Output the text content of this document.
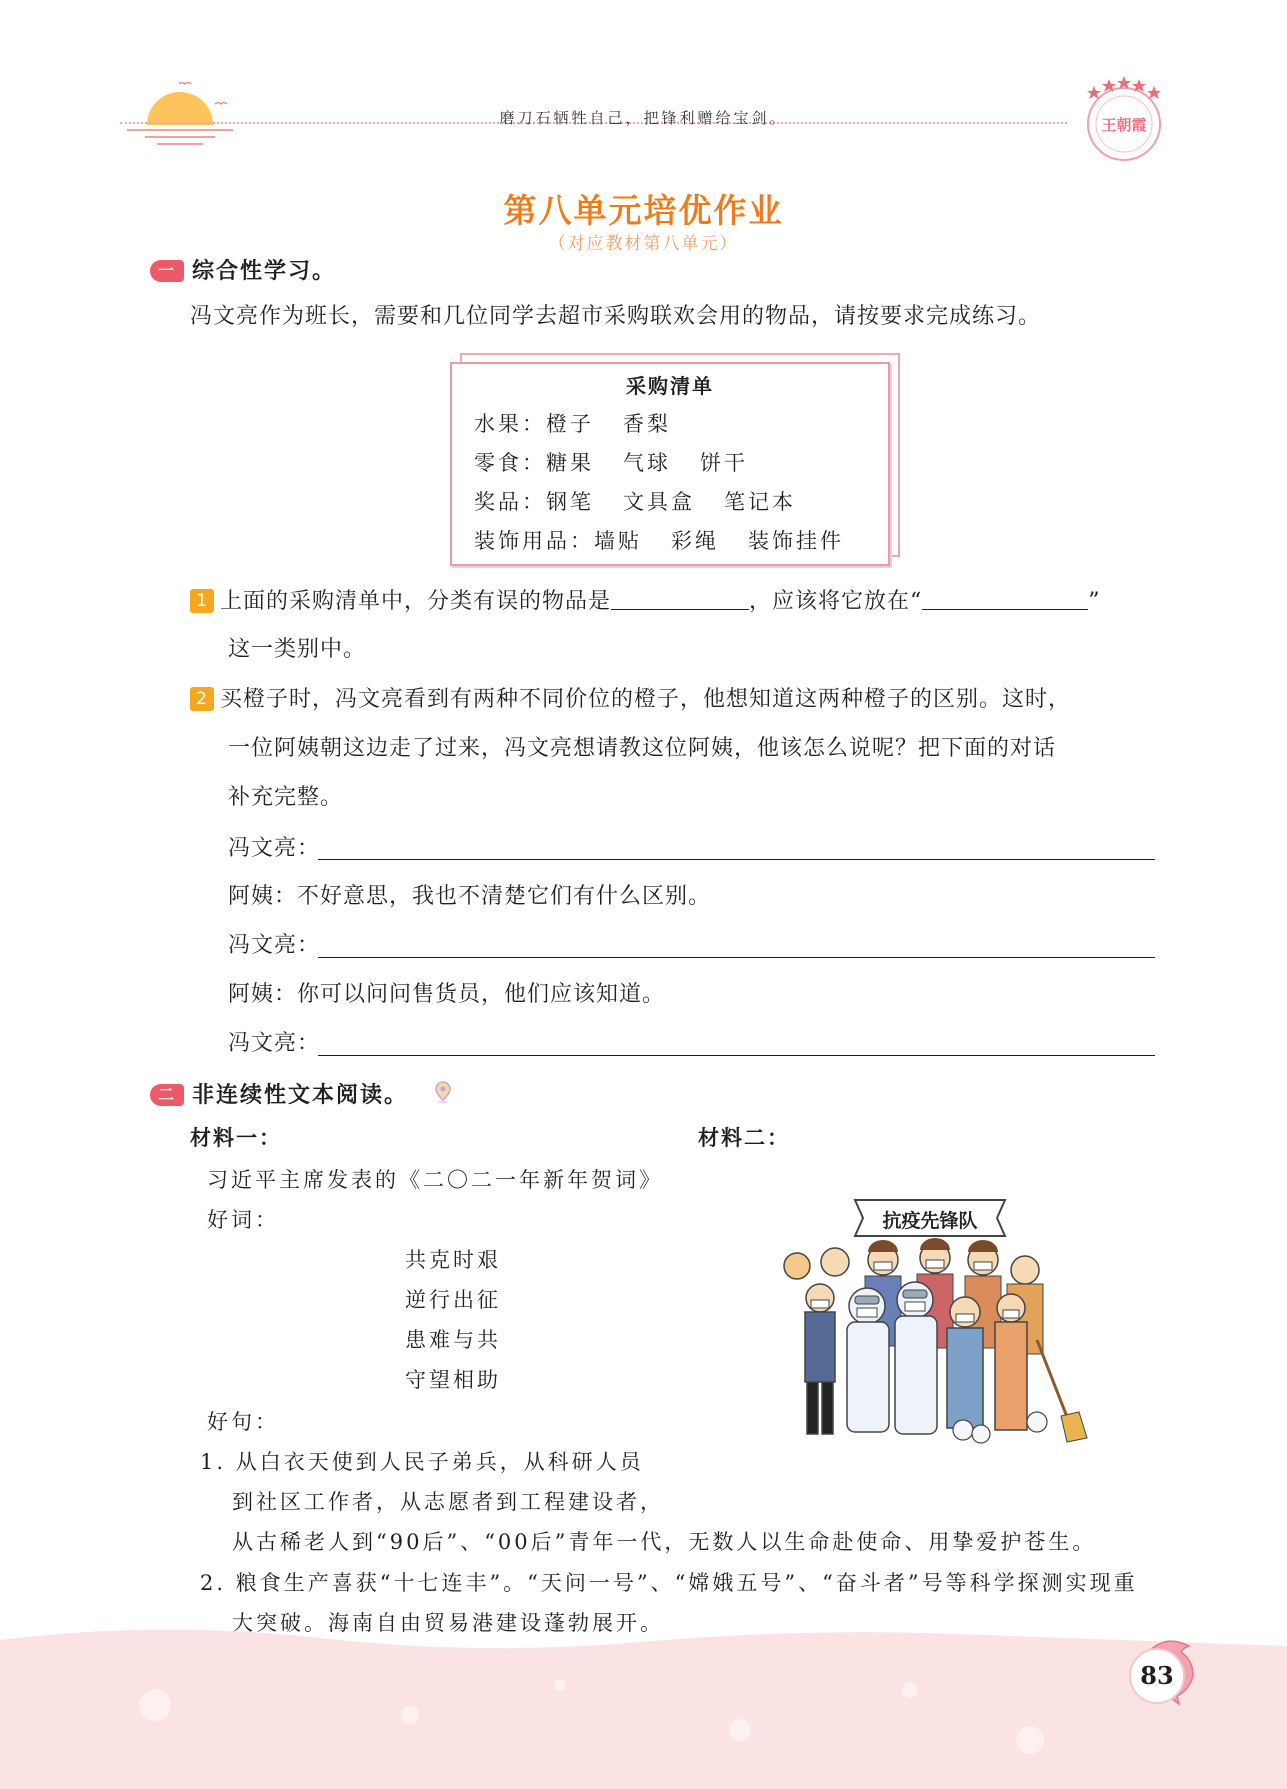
磨刀石牺牲自己，把锋利赠给宝剑。	王朝霞
第八单元培优作业
（对应教材第八单元）
一 综合性学习。
冯文亮作为班长，需要和几位同学去超市采购联欢会用的物品，请按要求完成练习。
采购清单
水果：橙子   香梨
零食：糖果   气球   饼干
奖品：钢笔   文具盒   笔记本
装饰用品：墙贴   彩绳   装饰挂件
1 上面的采购清单中，分类有误的物品是	，应该将它放在“	”
这一类别中。
2 买橙子时，冯文亮看到有两种不同价位的橙子，他想知道这两种橙子的区别。这时，
一位阿姨朝这边走了过来，冯文亮想请教这位阿姨，他该怎么说呢？把下面的对话
补充完整。
冯文亮：
阿姨：不好意思，我也不清楚它们有什么区别。
冯文亮：
阿姨：你可以问问售货员，他们应该知道。
冯文亮：
二 非连续性文本阅读。
材料一：
习近平主席发表的《二〇二一年新年贺词》
好词：
共克时艰
逆行出征
患难与共
守望相助
好句：
1. 从白衣天使到人民子弟兵，从科研人员
到社区工作者，从志愿者到工程建设者，
从古稀老人到“90后”、“00后”青年一代，无数人以生命赴使命、用挚爱护苍生。
2. 粮食生产喜获“十七连丰”。“天问一号”、“嫦娥五号”、“奋斗者”号等科学探测实现重
大突破。海南自由贸易港建设蓬勃展开。
材料二：
抗疫先锋队
83
